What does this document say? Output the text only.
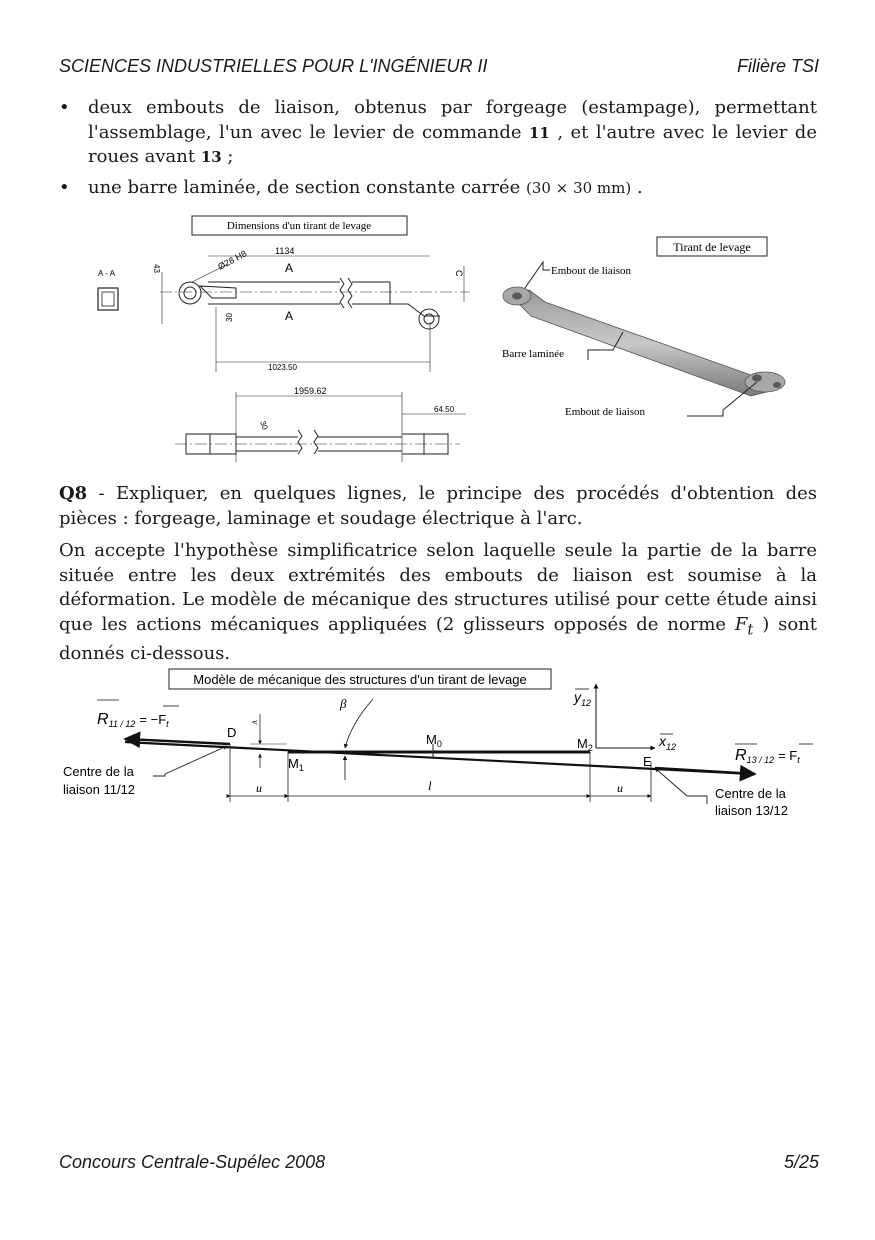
SCIENCES INDUSTRIELLES POUR L'INGÉNIEUR II	Filière TSI
• deux embouts de liaison, obtenus par forgeage (estampage), permettant l'assemblage, l'un avec le levier de commande 11 , et l'autre avec le levier de roues avant 13 ;
• une barre laminée, de section constante carrée (30 × 30 mm) .
Dimensions d'un tirant de levage
A - A
1134
Ø28 H8
43
C
30
A
A
1023.50
1959.62
64.50
30
Tirant de levage
Embout de liaison
Barre laminée
Embout de liaison

Q8 - Expliquer, en quelques lignes, le principe des procédés d'obtention des pièces : forgeage, laminage et soudage électrique à l'arc.

On accepte l'hypothèse simplificatrice selon laquelle seule la partie de la barre située entre les deux extrémités des embouts de liaison est soumise à la déformation. Le modèle de mécanique des structures utilisé pour cette étude ainsi que les actions mécaniques appliquées (2 glisseurs opposés de norme $F_t$ ) sont donnés ci-dessous.

Modèle de mécanique des structures d'un tirant de levage
u	l	u
v
β	$y_{12}$
$x_{12}$
D
E
$M_0$
$M_1$
$M_2$
R11 / 12 = −Ft
R13 / 12 = Ft
Centre de la
liaison 11/12	Centre de la
liaison 13/12
Concours Centrale-Supélec 2008	5/25
